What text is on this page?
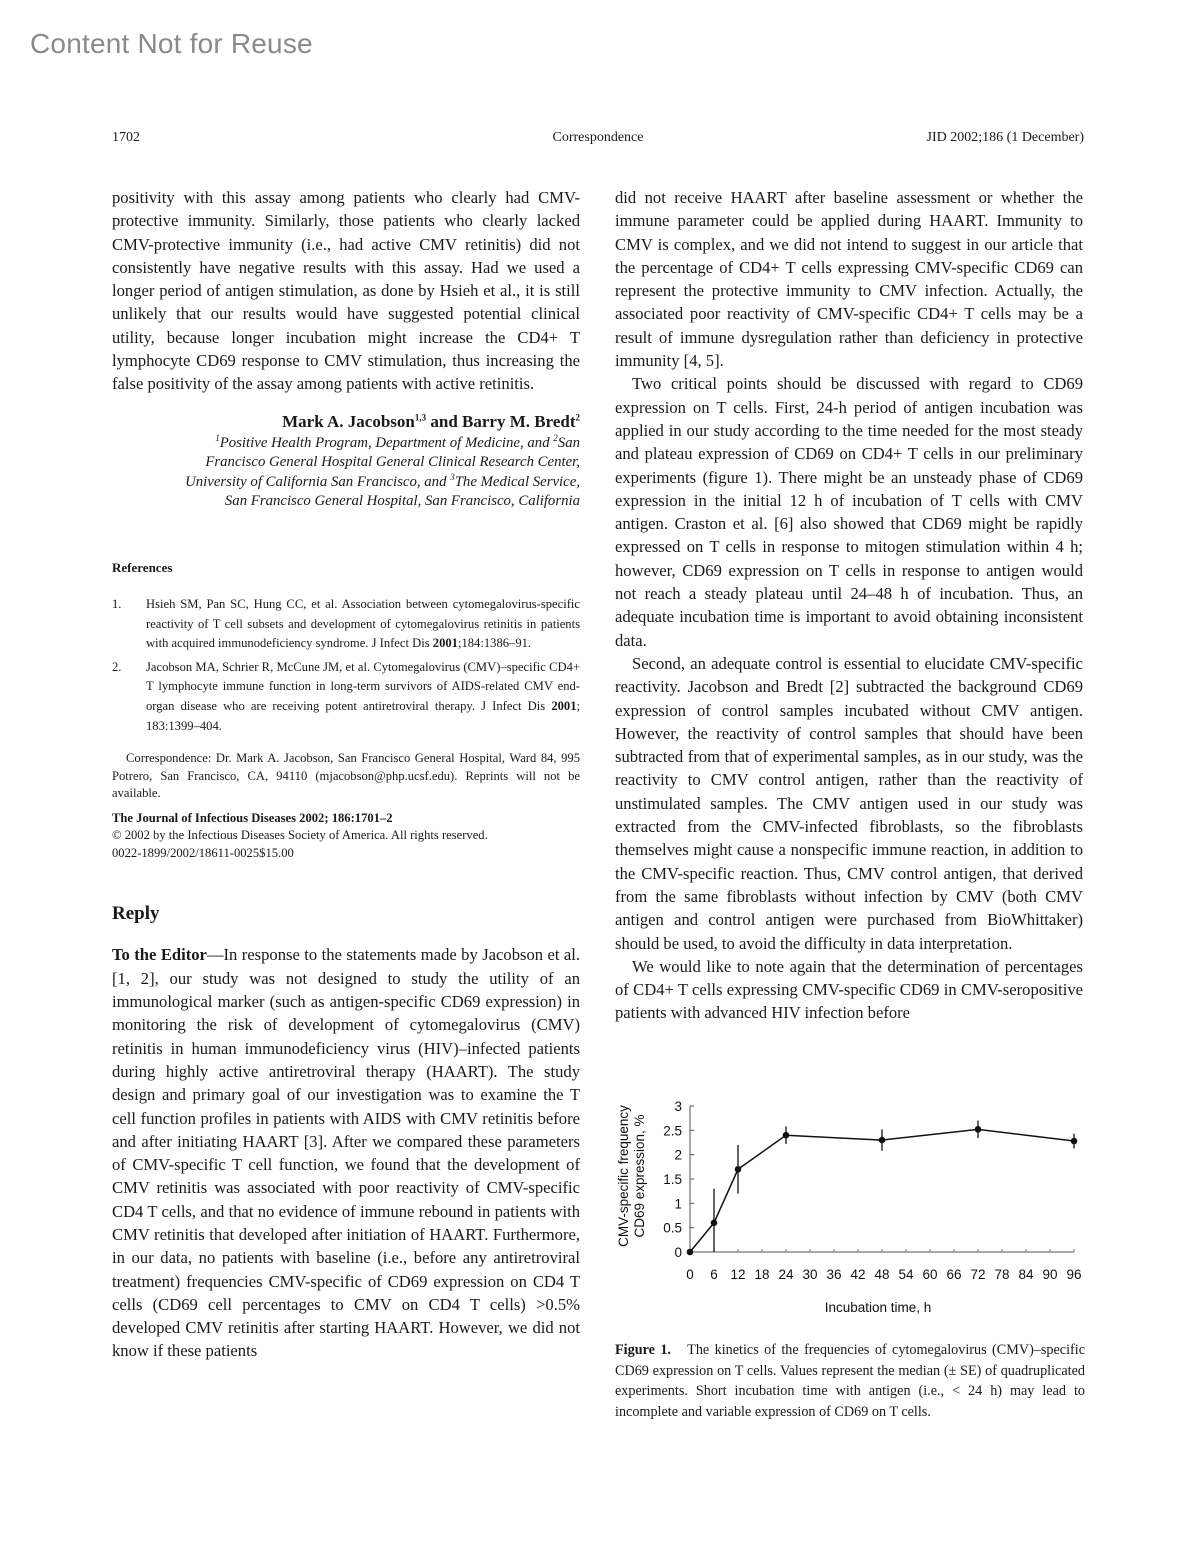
Content Not for Reuse
1702	Correspondence	JID 2002;186 (1 December)

positivity with this assay among patients who clearly had CMV-protective immunity. Similarly, those patients who clearly lacked CMV-protective immunity (i.e., had active CMV retinitis) did not consistently have negative results with this assay. Had we used a longer period of antigen stimulation, as done by Hsieh et al., it is still unlikely that our results would have suggested potential clinical utility, because longer incubation might increase the CD4+ T lymphocyte CD69 response to CMV stimulation, thus increasing the false positivity of the assay among patients with active retinitis.

Mark A. Jacobson$^{1,3}$ and Barry M. Bredt$^2$
$^1$Positive Health Program, Department of Medicine, and $^2$San
Francisco General Hospital General Clinical Research Center,
University of California San Francisco, and $^3$The Medical Service,
San Francisco General Hospital, San Francisco, California
References
1. Hsieh SM, Pan SC, Hung CC, et al. Association between cytomegalovirus-specific reactivity of T cell subsets and development of cytomegalovirus retinitis in patients with acquired immunodeficiency syndrome. J Infect Dis 2001;184:1386–91.
2. Jacobson MA, Schrier R, McCune JM, et al. Cytomegalovirus (CMV)–specific CD4+ T lymphocyte immune function in long-term survivors of AIDS-related CMV end-organ disease who are receiving potent antiretroviral therapy. J Infect Dis 2001; 183:1399–404.
Correspondence: Dr. Mark A. Jacobson, San Francisco General Hospital, Ward 84, 995 Potrero, San Francisco, CA, 94110 (mjacobson@php.ucsf.edu). Reprints will not be available.
The Journal of Infectious Diseases 2002; 186:1701–2
© 2002 by the Infectious Diseases Society of America. All rights reserved.
0022-1899/2002/18611-0025$15.00
Reply

To the Editor—In response to the statements made by Jacobson et al. [1, 2], our study was not designed to study the utility of an immunological marker (such as antigen-specific CD69 expression) in monitoring the risk of development of cytomegalovirus (CMV) retinitis in human immunodeficiency virus (HIV)–infected patients during highly active antiretroviral therapy (HAART). The study design and primary goal of our investigation was to examine the T cell function profiles in patients with AIDS with CMV retinitis before and after initiating HAART [3]. After we compared these parameters of CMV-specific T cell function, we found that the development of CMV retinitis was associated with poor reactivity of CMV-specific CD4 T cells, and that no evidence of immune rebound in patients with CMV retinitis that developed after initiation of HAART. Furthermore, in our data, no patients with baseline (i.e., before any antiretroviral treatment) frequencies CMV-specific of CD69 expression on CD4 T cells (CD69 cell percentages to CMV on CD4 T cells) >0.5% developed CMV retinitis after starting HAART. However, we did not know if these patients

did not receive HAART after baseline assessment or whether the immune parameter could be applied during HAART. Immunity to CMV is complex, and we did not intend to suggest in our article that the percentage of CD4+ T cells expressing CMV-specific CD69 can represent the protective immunity to CMV infection. Actually, the associated poor reactivity of CMV-specific CD4+ T cells may be a result of immune dysregulation rather than deficiency in protective immunity [4, 5].

Two critical points should be discussed with regard to CD69 expression on T cells. First, 24-h period of antigen incubation was applied in our study according to the time needed for the most steady and plateau expression of CD69 on CD4+ T cells in our preliminary experiments (figure 1). There might be an unsteady phase of CD69 expression in the initial 12 h of incubation of T cells with CMV antigen. Craston et al. [6] also showed that CD69 might be rapidly expressed on T cells in response to mitogen stimulation within 4 h; however, CD69 expression on T cells in response to antigen would not reach a steady plateau until 24–48 h of incubation. Thus, an adequate incubation time is important to avoid obtaining inconsistent data.

Second, an adequate control is essential to elucidate CMV-specific reactivity. Jacobson and Bredt [2] subtracted the background CD69 expression of control samples incubated without CMV antigen. However, the reactivity of control samples that should have been subtracted from that of experimental samples, as in our study, was the reactivity to CMV control antigen, rather than the reactivity of unstimulated samples. The CMV antigen used in our study was extracted from the CMV-infected fibroblasts, so the fibroblasts themselves might cause a nonspecific immune reaction, in addition to the CMV-specific reaction. Thus, CMV control antigen, that derived from the same fibroblasts without infection by CMV (both CMV antigen and control antigen were purchased from BioWhittaker) should be used, to avoid the difficulty in data interpretation.

We would like to note again that the determination of percentages of CD4+ T cells expressing CMV-specific CD69 in CMV-seropositive patients with advanced HIV infection before

0
0.5
1
1.5
2
2.5
3
0 6 12 18 24 30 36 42 48 54 60 66 72 78 84 90 96
CMV-specific frequency CD69 expression, %
Incubation time, h
Figure 1. The kinetics of the frequencies of cytomegalovirus (CMV)–specific CD69 expression on T cells. Values represent the median (± SE) of quadruplicated experiments. Short incubation time with antigen (i.e., < 24 h) may lead to incomplete and variable expression of CD69 on T cells.
